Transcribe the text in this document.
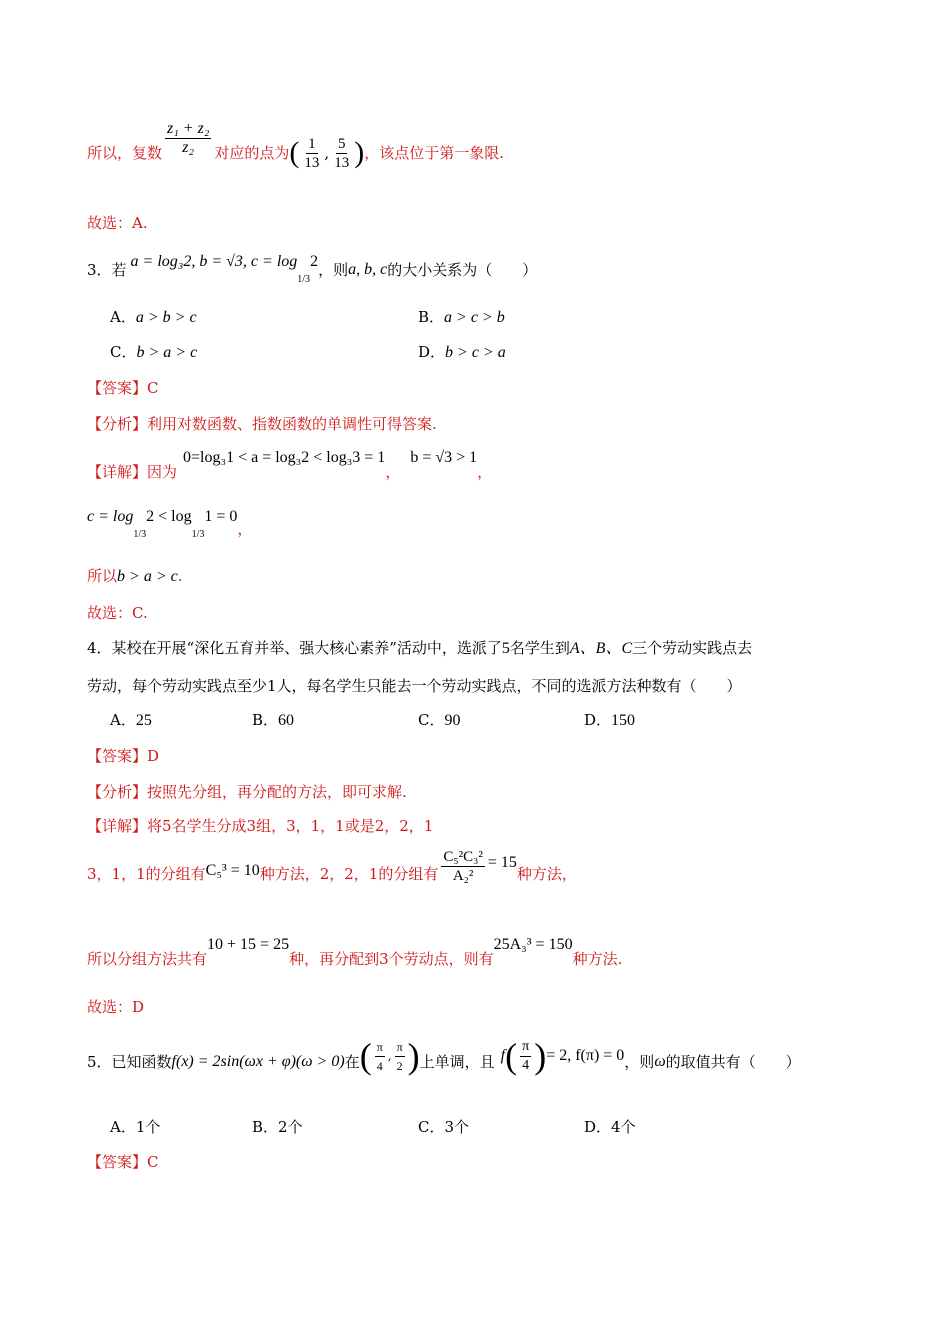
所以，复数 $\frac{\text{z₁ + z₂}}{\text{z₂}}$ 对应的点为 ( $\frac{1}{13}$ , $\frac{5}{13}$ ) ，该点位于第一象限.
故选：A.
3．若 a = log₃2, b = √3, c = log
1/3
2 ，则 a, b, c 的大小关系为（　　）
A．a > b > c	B．a > c > b
C．b > a > c	D．b > c > a
【答案】C
【分析】利用对数函数、指数函数的单调性可得答案.
【详解】因为
0=log₃1 < a = log₃2 < log₃3 = 1
，
b = √3 > 1
，
c = log
1/3
2 < log
1/3
1 = 0
，
所以b > a > c.
故选：C.
4．某校在开展“深化五育并举、强大核心素养”活动中，选派了5名学生到A、B、C三个劳动实践点去
劳动，每个劳动实践点至少1人，每名学生只能去一个劳动实践点，不同的选派方法种数有（　　）
A．25	B．60	C．90	D．150
【答案】D
【分析】按照先分组，再分配的方法，即可求解.
【详解】将5名学生分成3组，3，1，1或是2，2，1
3，1，1的分组有 C₅³ = 10 种方法，2，2，1的分组有 $\frac{\text{C₅²C₃²}}{\text{A₂²}} = 15$
种方法，
所以分组方法共有
10 + 15 = 25
种，再分配到3个劳动点，则有
25A₃³ = 150
种方法.
故选：D
5．已知函数 f(x) = 2sin(ωx + φ)(ω > 0) 在 ( $\frac{\pi}{4}$ , $\frac{\pi}{2}$ ) 上单调，且 f ( $\frac{\pi}{4}$ ) = 2, f(π) = 0 ，则 ω 的取值共有（　　）
A．1个	B．2个	C．3个	D．4个
【答案】C
